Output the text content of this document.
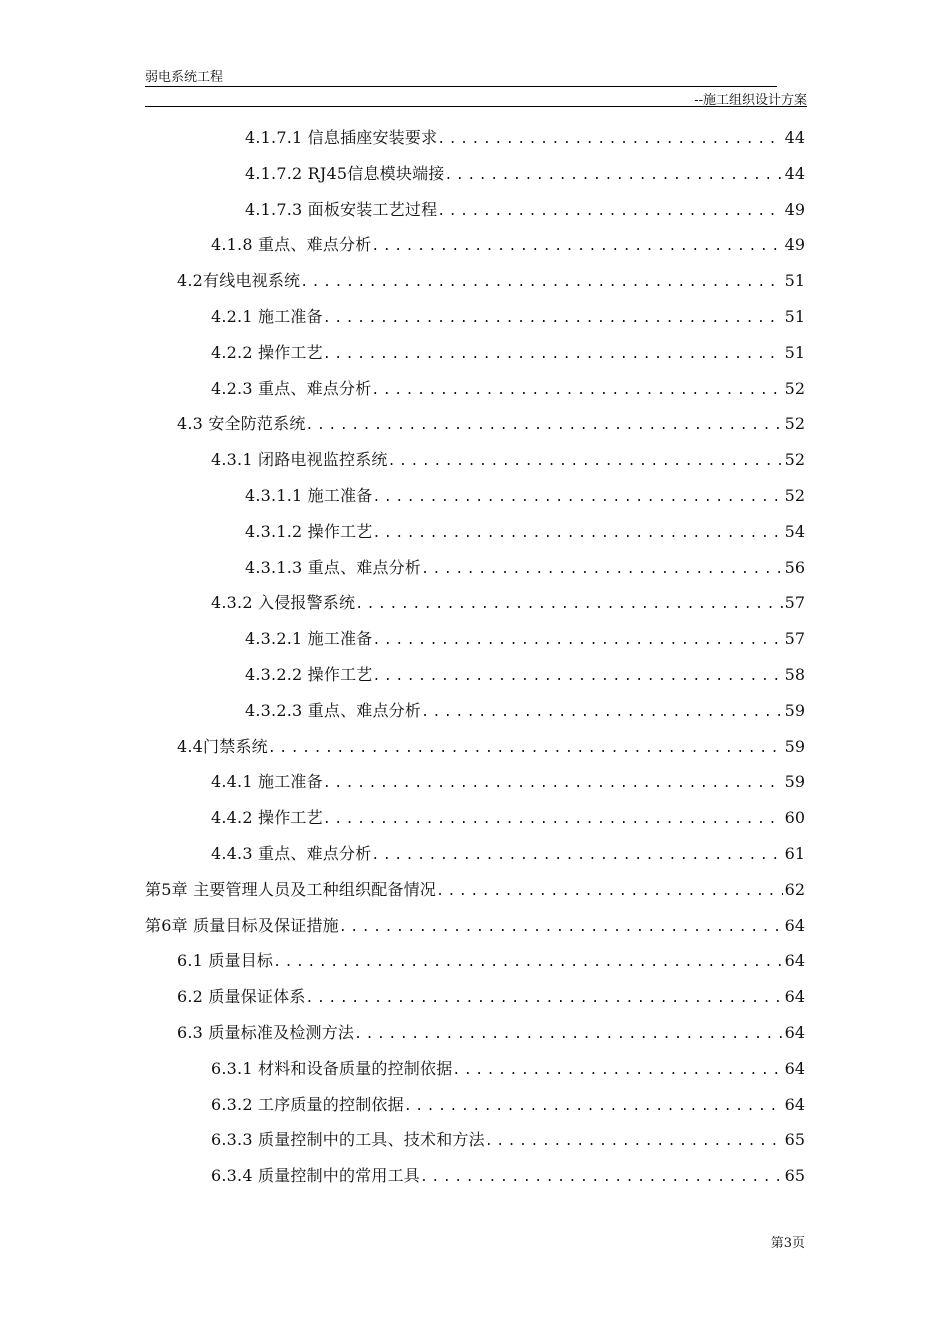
弱电系统工程
--施工组织设计方案
4.1.7.1 信息插座安装要求 .....	44
4.1.7.2 RJ45信息模块端接 .....	44
4.1.7.3 面板安装工艺过程 .....	49
4.1.8 重点、难点分析 .....	49
4.2有线电视系统 .....	51
4.2.1 施工准备 .....	51
4.2.2 操作工艺 .....	51
4.2.3 重点、难点分析 .....	52
4.3 安全防范系统 .....	52
4.3.1 闭路电视监控系统 .....	52
4.3.1.1 施工准备 .....	52
4.3.1.2 操作工艺 .....	54
4.3.1.3 重点、难点分析 .....	56
4.3.2 入侵报警系统 .....	57
4.3.2.1 施工准备 .....	57
4.3.2.2 操作工艺 .....	58
4.3.2.3 重点、难点分析 .....	59
4.4门禁系统 .....	59
4.4.1 施工准备 .....	59
4.4.2 操作工艺 .....	60
4.4.3 重点、难点分析 .....	61
第5章 主要管理人员及工种组织配备情况 .....	62
第6章 质量目标及保证措施 .....	64
6.1 质量目标 .....	64
6.2 质量保证体系 .....	64
6.3 质量标准及检测方法 .....	64
6.3.1 材料和设备质量的控制依据 .....	64
6.3.2 工序质量的控制依据 .....	64
6.3.3 质量控制中的工具、技术和方法 .....	65
6.3.4 质量控制中的常用工具 .....	65
第3页
